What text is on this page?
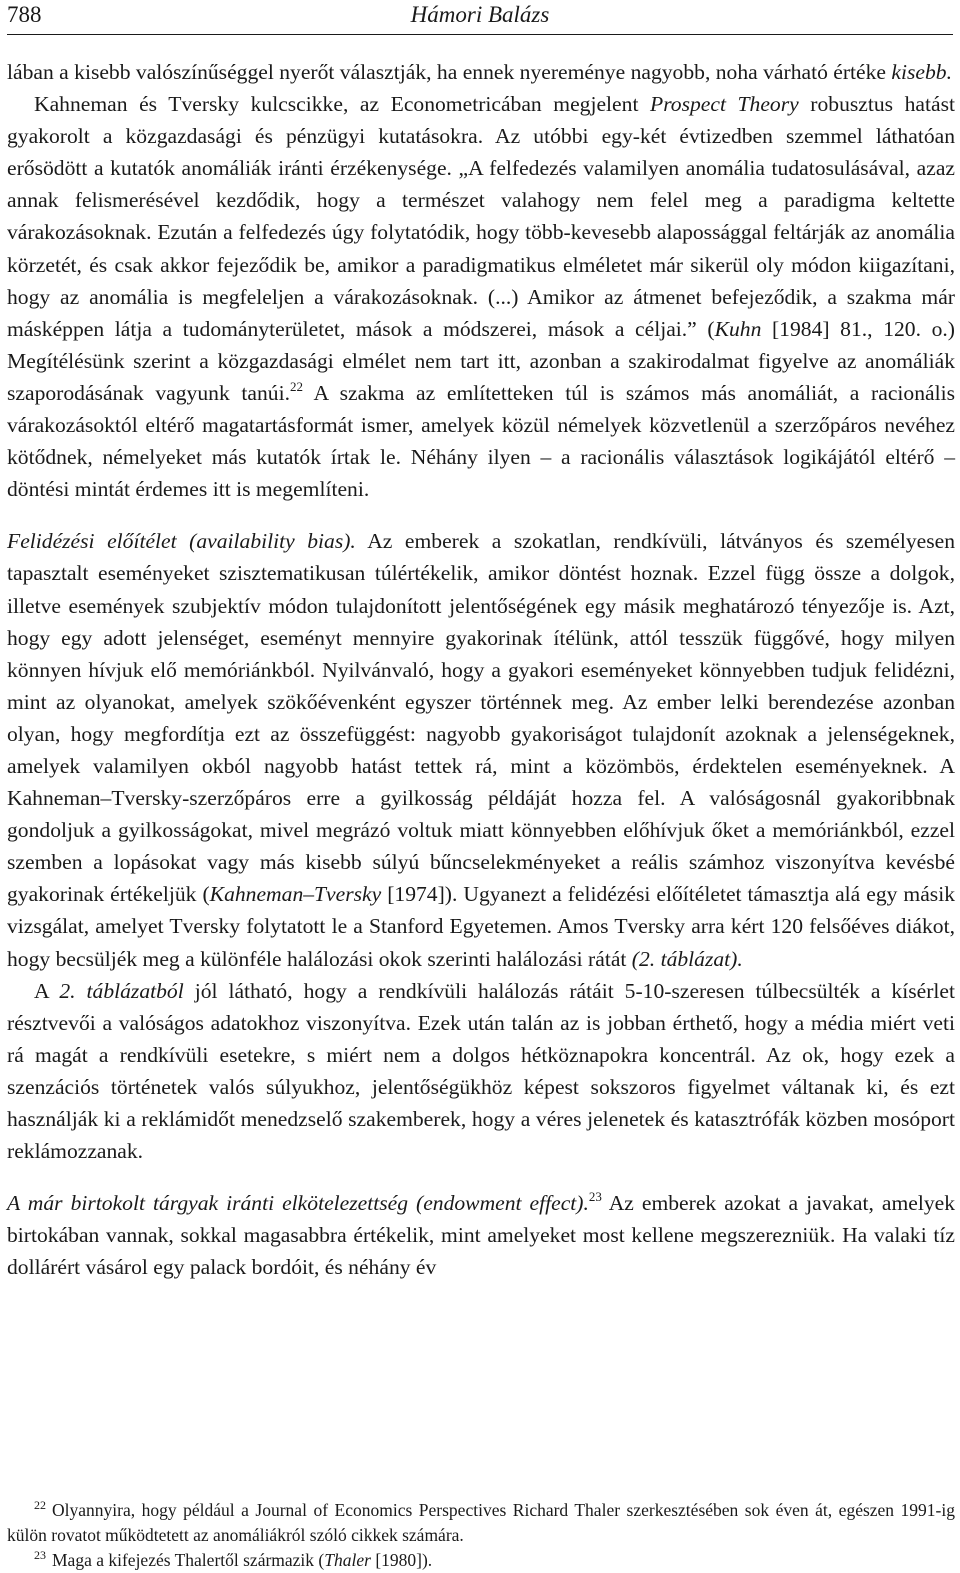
788	Hámori Balázs

lában a kisebb valószínűséggel nyerőt választják, ha ennek nyereménye nagyobb, noha várható értéke kisebb.

Kahneman és Tversky kulcscikke, az Econometricában megjelent Prospect Theory robusztus hatást gyakorolt a közgazdasági és pénzügyi kutatásokra. Az utóbbi egy-két évtizedben szemmel láthatóan erősödött a kutatók anomáliák iránti érzékenysége. „A felfedezés valamilyen anomália tudatosulásával, azaz annak felismerésével kezdődik, hogy a természet valahogy nem felel meg a paradigma keltette várakozásoknak. Ezután a felfedezés úgy folytatódik, hogy több-kevesebb alapossággal feltárják az anomália körzetét, és csak akkor fejeződik be, amikor a paradigmatikus elméletet már sikerül oly módon kiigazítani, hogy az anomália is megfeleljen a várakozásoknak. (...) Amikor az átmenet befejeződik, a szakma már másképpen látja a tudományterületet, mások a módszerei, mások a céljai.” (Kuhn [1984] 81., 120. o.) Megítélésünk szerint a közgazdasági elmélet nem tart itt, azonban a szakirodalmat figyelve az anomáliák szaporodásának vagyunk tanúi.$^{22}$ A szakma az említetteken túl is számos más anomáliát, a racionális várakozásoktól eltérő magatartásformát ismer, amelyek közül némelyek közvetlenül a szerzőpáros nevéhez kötődnek, némelyeket más kutatók írtak le. Néhány ilyen – a racionális választások logikájától eltérő – döntési mintát érdemes itt is megemlíteni.

Felidézési előítélet (availability bias). Az emberek a szokatlan, rendkívüli, látványos és személyesen tapasztalt eseményeket szisztematikusan túlértékelik, amikor döntést hoznak. Ezzel függ össze a dolgok, illetve események szubjektív módon tulajdonított jelentőségének egy másik meghatározó tényezője is. Azt, hogy egy adott jelenséget, eseményt mennyire gyakorinak ítélünk, attól tesszük függővé, hogy milyen könnyen hívjuk elő memóriánkból. Nyilvánvaló, hogy a gyakori eseményeket könnyebben tudjuk felidézni, mint az olyanokat, amelyek szökőévenként egyszer történnek meg. Az ember lelki berendezése azonban olyan, hogy megfordítja ezt az összefüggést: nagyobb gyakoriságot tulajdonít azoknak a jelenségeknek, amelyek valamilyen okból nagyobb hatást tettek rá, mint a közömbös, érdektelen eseményeknek. A Kahneman–Tversky-szerzőpáros erre a gyilkosság példáját hozza fel. A valóságosnál gyakoribbnak gondoljuk a gyilkosságokat, mivel megrázó voltuk miatt könnyebben előhívjuk őket a memóriánkból, ezzel szemben a lopásokat vagy más kisebb súlyú bűncselekményeket a reális számhoz viszonyítva kevésbé gyakorinak értékeljük (Kahneman–Tversky [1974]). Ugyanezt a felidézési előítéletet támasztja alá egy másik vizsgálat, amelyet Tversky folytatott le a Stanford Egyetemen. Amos Tversky arra kért 120 felsőéves diákot, hogy becsüljék meg a különféle halálozási okok szerinti halálozási rátát (2. táblázat).

A 2. táblázatból jól látható, hogy a rendkívüli halálozás rátáit 5-10-szeresen túlbecsülték a kísérlet résztvevői a valóságos adatokhoz viszonyítva. Ezek után talán az is jobban érthető, hogy a média miért veti rá magát a rendkívüli esetekre, s miért nem a dolgos hétköznapokra koncentrál. Az ok, hogy ezek a szenzációs történetek valós súlyukhoz, jelentőségükhöz képest sokszoros figyelmet váltanak ki, és ezt használják ki a reklámidőt menedzselő szakemberek, hogy a véres jelenetek és katasztrófák közben mosóport reklámozzanak.

A már birtokolt tárgyak iránti elkötelezettség (endowment effect).$^{23}$ Az emberek azokat a javakat, amelyek birtokában vannak, sokkal magasabbra értékelik, mint amelyeket most kellene megszerezniük. Ha valaki tíz dollárért vásárol egy palack bordóit, és néhány év

$^{22}$ Olyannyira, hogy például a Journal of Economics Perspectives Richard Thaler szerkesztésében sok éven át, egészen 1991-ig külön rovatot működtetett az anomáliákról szóló cikkek számára.

$^{23}$ Maga a kifejezés Thalertől származik (Thaler [1980]).
